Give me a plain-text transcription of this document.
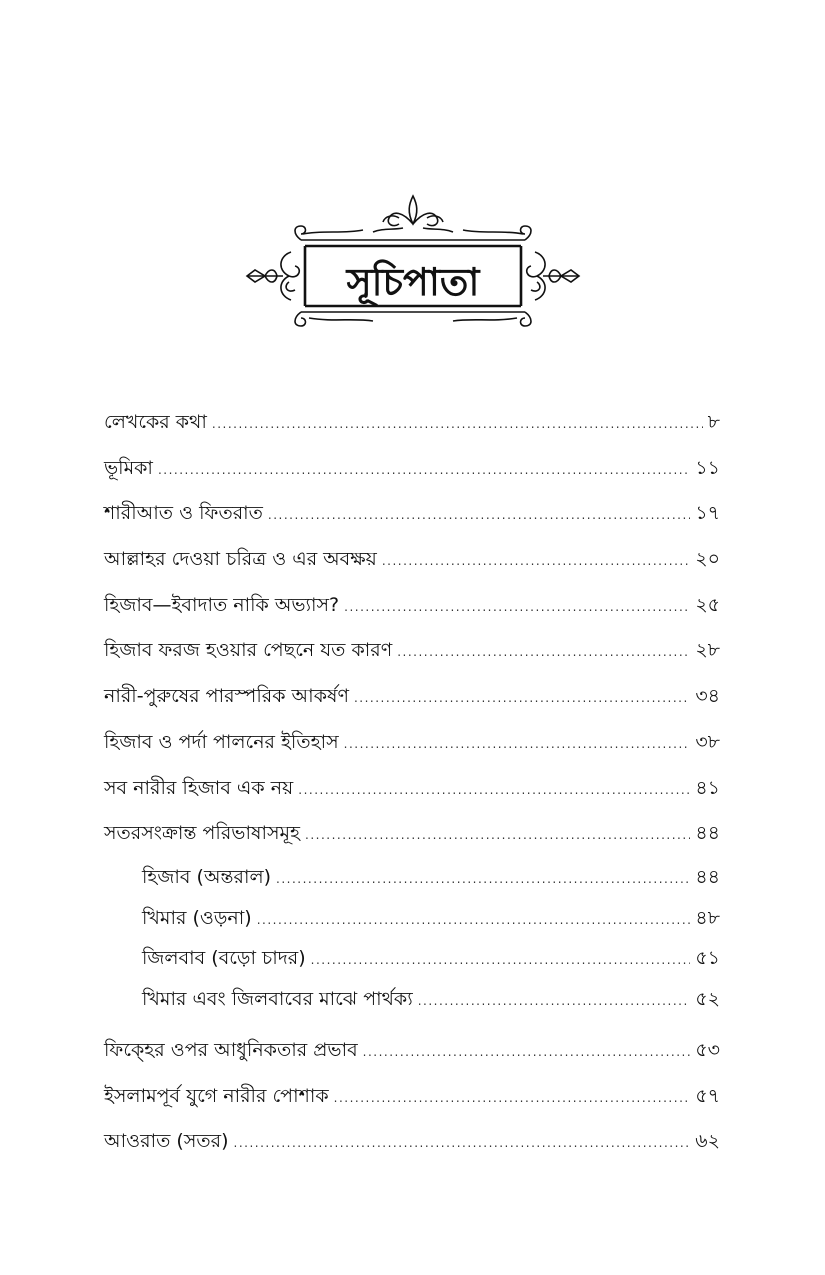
সূচিপাতা
লেখকের কথা .....	৮
ভূমিকা .....	১১
শারীআত ও ফিতরাত .....	১৭
আল্লাহর দেওয়া চরিত্র ও এর অবক্ষয় .....	২০
হিজাব—ইবাদাত নাকি অভ্যাস? .....	২৫
হিজাব ফরজ হওয়ার পেছনে যত কারণ .....	২৮
নারী-পুরুষের পারস্পরিক আকর্ষণ .....	৩৪
হিজাব ও পর্দা পালনের ইতিহাস .....	৩৮
সব নারীর হিজাব এক নয় .....	৪১
সতরসংক্রান্ত পরিভাষাসমূহ .....	৪৪
হিজাব (অন্তরাল) .....	৪৪
খিমার (ওড়না) .....	৪৮
জিলবাব (বড়ো চাদর) .....	৫১
খিমার এবং জিলবাবের মাঝে পার্থক্য .....	৫২
ফিক্হের ওপর আধুনিকতার প্রভাব .....	৫৩
ইসলামপূর্ব যুগে নারীর পোশাক .....	৫৭
আওরাত (সতর) .....	৬২
